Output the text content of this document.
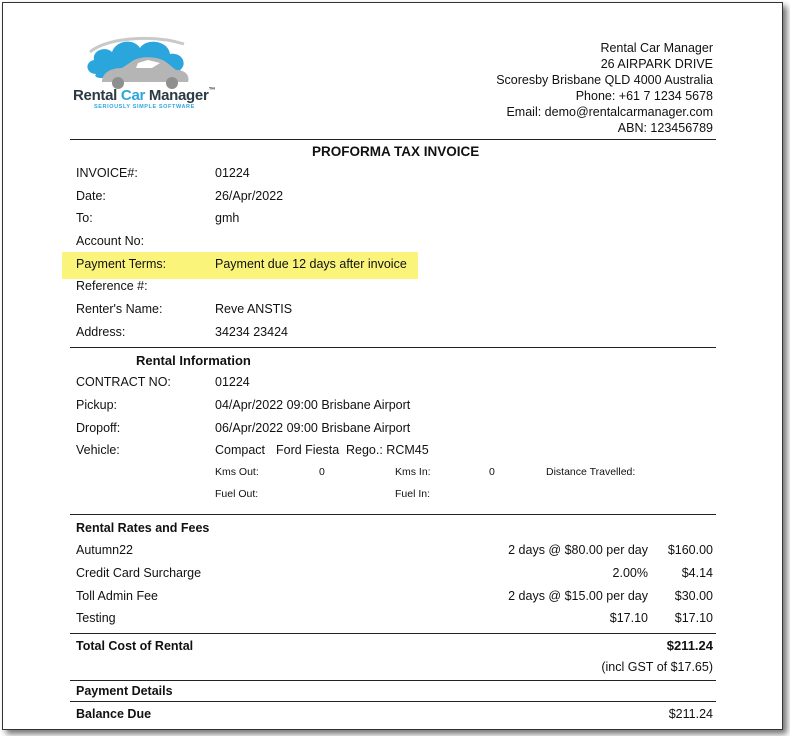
Rental Car Manager™
SERIOUSLY SIMPLE SOFTWARE
Rental Car Manager
26 AIRPARK DRIVE
Scoresby Brisbane QLD 4000 Australia
Phone: +61 7 1234 5678
Email: demo@rentalcarmanager.com
ABN: 123456789
PROFORMA TAX INVOICE
INVOICE#:	01224
Date:	26/Apr/2022
To:	gmh
Account No:
Payment Terms:	Payment due 12 days after invoice
Reference #:
Renter's Name:	Reve ANSTIS
Address:	34234 23424
Rental Information
CONTRACT NO:	01224
Pickup:	04/Apr/2022 09:00 Brisbane Airport
Dropoff:	06/Apr/2022 09:00 Brisbane Airport
Vehicle:	Compact Ford Fiesta Rego.: RCM45
Kms Out:	0	Kms In:	0	Distance Travelled:
Fuel Out:	Fuel In:
Rental Rates and Fees
Autumn22	2 days @ $80.00 per day $160.00
Credit Card Surcharge	2.00%	$4.14
Toll Admin Fee	2 days @ $15.00 per day $30.00
Testing	$17.10 $17.10
Total Cost of Rental	$211.24
(incl GST of $17.65)
Payment Details
Balance Due	$211.24
